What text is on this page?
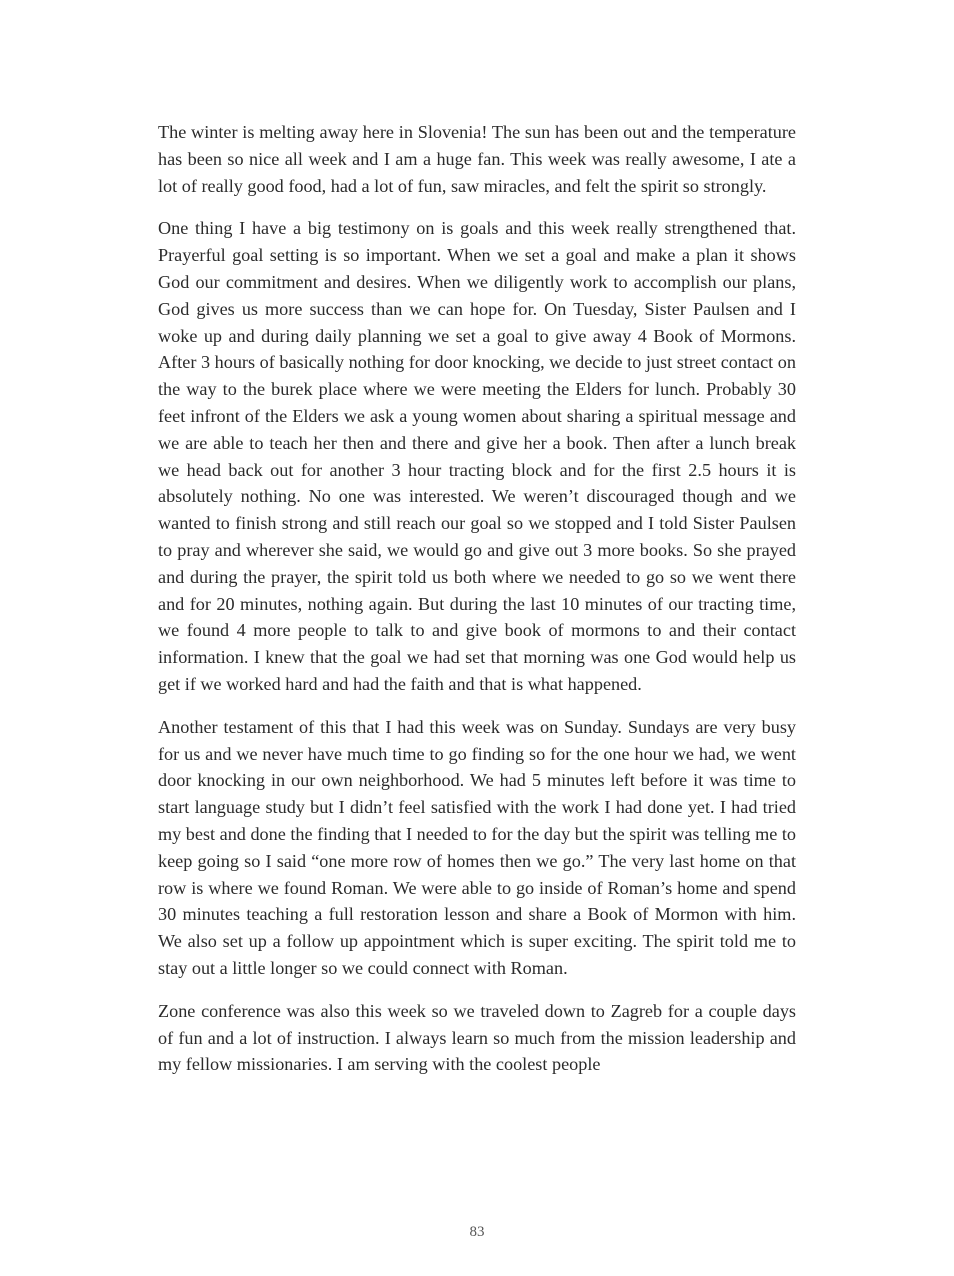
The winter is melting away here in Slovenia! The sun has been out and the temperature has been so nice all week and I am a huge fan. This week was really awesome, I ate a lot of really good food, had a lot of fun, saw miracles, and felt the spirit so strongly.

One thing I have a big testimony on is goals and this week really strengthened that. Prayerful goal setting is so important. When we set a goal and make a plan it shows God our commitment and desires. When we diligently work to accomplish our plans, God gives us more success than we can hope for. On Tuesday, Sister Paulsen and I woke up and during daily planning we set a goal to give away 4 Book of Mormons. After 3 hours of basically nothing for door knocking, we decide to just street contact on the way to the burek place where we were meeting the Elders for lunch. Probably 30 feet infront of the Elders we ask a young women about sharing a spiritual message and we are able to teach her then and there and give her a book. Then after a lunch break we head back out for another 3 hour tracting block and for the first 2.5 hours it is absolutely nothing. No one was interested. We weren’t discouraged though and we wanted to finish strong and still reach our goal so we stopped and I told Sister Paulsen to pray and wherever she said, we would go and give out 3 more books. So she prayed and during the prayer, the spirit told us both where we needed to go so we went there and for 20 minutes, nothing again. But during the last 10 minutes of our tracting time, we found 4 more people to talk to and give book of mormons to and their contact information. I knew that the goal we had set that morning was one God would help us get if we worked hard and had the faith and that is what happened.

Another testament of this that I had this week was on Sunday. Sundays are very busy for us and we never have much time to go finding so for the one hour we had, we went door knocking in our own neighborhood. We had 5 minutes left before it was time to start language study but I didn’t feel satisfied with the work I had done yet. I had tried my best and done the finding that I needed to for the day but the spirit was telling me to keep going so I said “one more row of homes then we go.” The very last home on that row is where we found Roman. We were able to go inside of Roman’s home and spend 30 minutes teaching a full restoration lesson and share a Book of Mormon with him. We also set up a follow up appointment which is super exciting. The spirit told me to stay out a little longer so we could connect with Roman.

Zone conference was also this week so we traveled down to Zagreb for a couple days of fun and a lot of instruction. I always learn so much from the mission leadership and my fellow missionaries. I am serving with the coolest people

83
